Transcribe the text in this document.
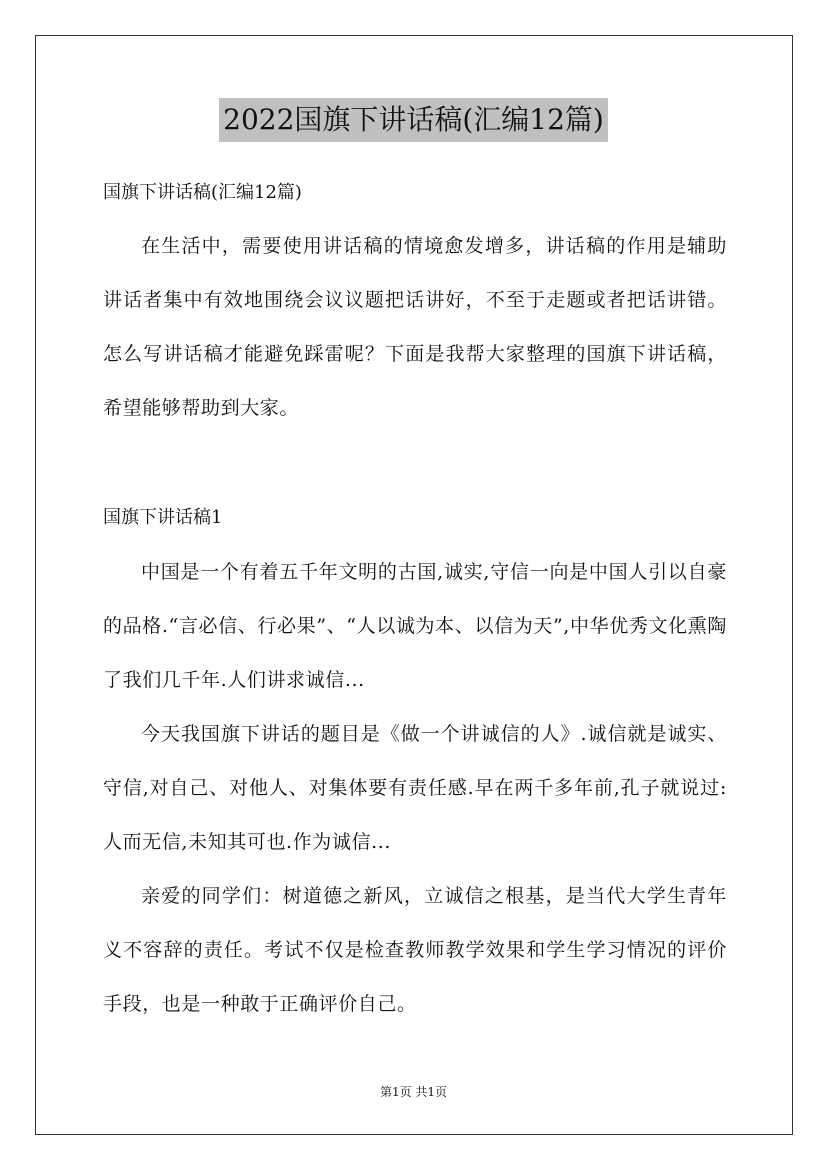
2022国旗下讲话稿(汇编12篇)
国旗下讲话稿(汇编12篇)
在生活中，需要使用讲话稿的情境愈发增多，讲话稿的作用是辅助讲话者集中有效地围绕会议议题把话讲好，不至于走题或者把话讲错。怎么写讲话稿才能避免踩雷呢？下面是我帮大家整理的国旗下讲话稿，希望能够帮助到大家。
国旗下讲话稿1
中国是一个有着五千年文明的古国,诚实,守信一向是中国人引以自豪的品格.“言必信、行必果”、“人以诚为本、以信为天”,中华优秀文化熏陶了我们几千年.人们讲求诚信...
今天我国旗下讲话的题目是《做一个讲诚信的人》.诚信就是诚实、守信,对自己、对他人、对集体要有责任感.早在两千多年前,孔子就说过:人而无信,未知其可也.作为诚信...
亲爱的同学们：树道德之新风，立诚信之根基，是当代大学生青年义不容辞的责任。考试不仅是检查教师教学效果和学生学习情况的评价手段，也是一种敢于正确评价自己。
第1页 共1页
